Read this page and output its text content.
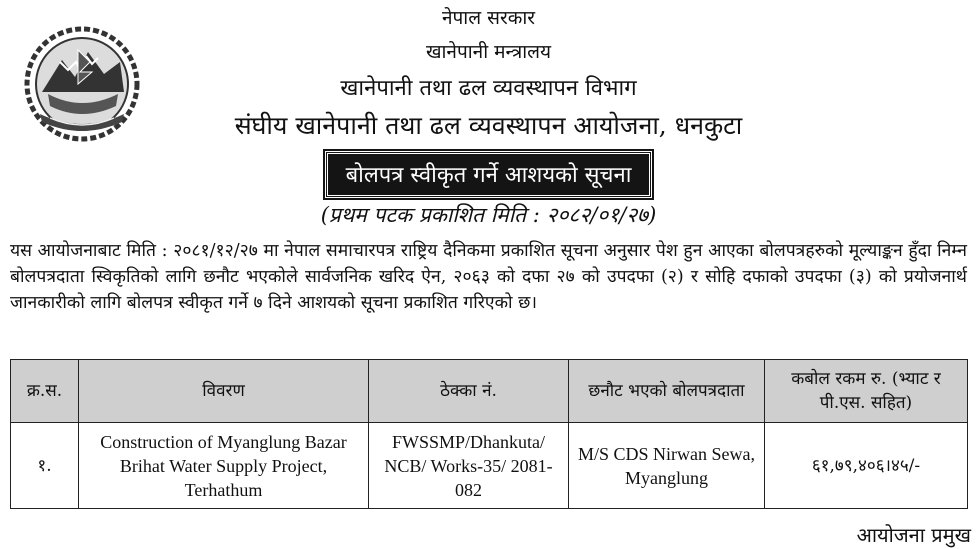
नेपाल सरकार
खानेपानी मन्त्रालय
खानेपानी तथा ढल व्यवस्थापन विभाग
संघीय खानेपानी तथा ढल व्यवस्थापन आयोजना, धनकुटा
बोलपत्र स्वीकृत गर्ने आशयको सूचना
(प्रथम पटक प्रकाशित मिति : २०८२/०१/२७)
यस आयोजनाबाट मिति : २०८१/१२/२७ मा नेपाल समाचारपत्र राष्ट्रिय दैनिकमा प्रकाशित सूचना अनुसार पेश हुन आएका बोलपत्रहरुको मूल्याङ्कन हुँदा निम्न बोलपत्रदाता स्विकृतिको लागि छनौट भएकोले सार्वजनिक खरिद ऐन, २०६३ को दफा २७ को उपदफा (२) र सोहि दफाको उपदफा (३) को प्रयोजनार्थ जानकारीको लागि बोलपत्र स्वीकृत गर्ने ७ दिने आशयको सूचना प्रकाशित गरिएको छ।
क्र.स.	विवरण	ठेक्का नं.	छनौट भएको बोलपत्रदाता	कबोल रकम रु. (भ्याट र पी.एस. सहित)
१.	Construction of Myanglung Bazar Brihat Water Supply Project, Terhathum	FWSSMP/Dhankuta/ NCB/ Works-35/ 2081-082	M/S CDS Nirwan Sewa, Myanglung	६१,७९,४०६।४५/-
आयोजना प्रमुख
